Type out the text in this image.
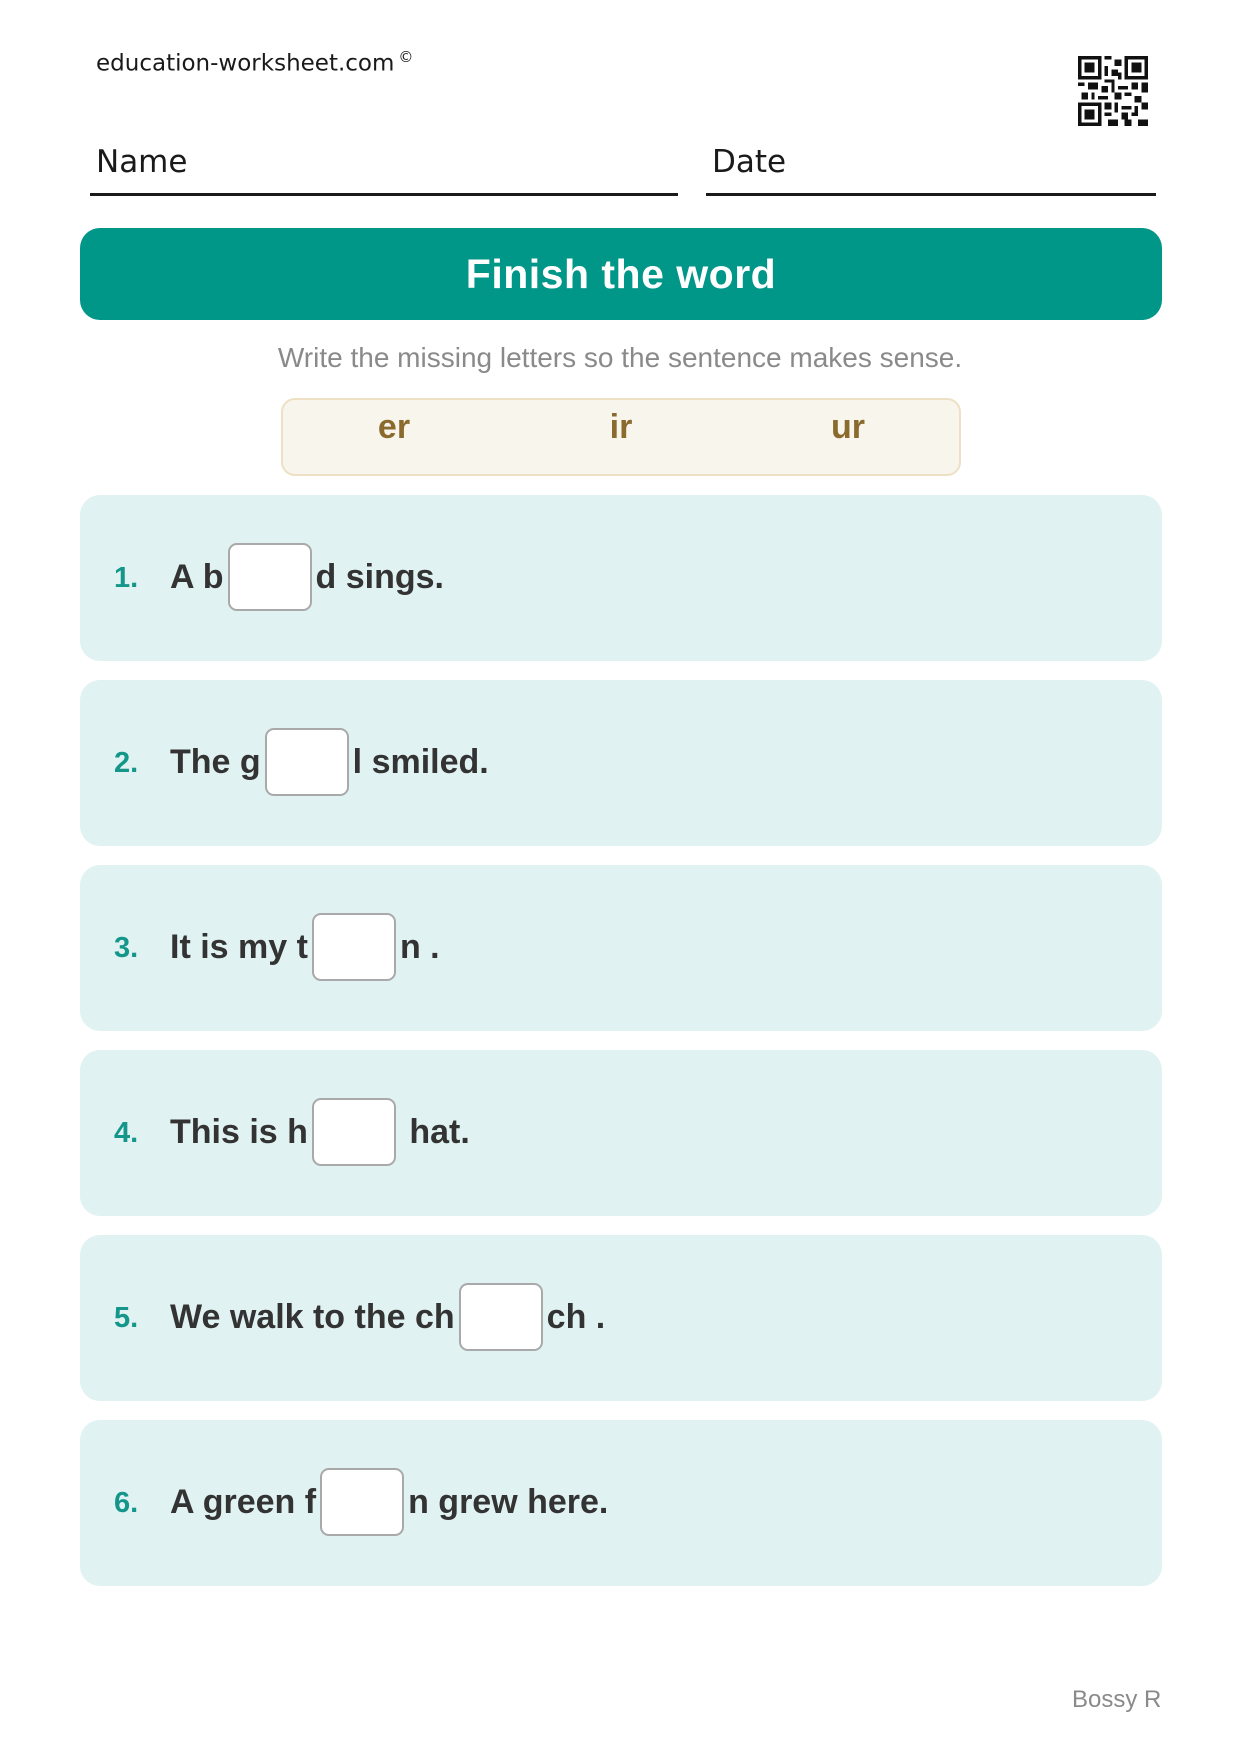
education-worksheet.com ©
Name	Date
Finish the word
Write the missing letters so the sentence makes sense.
er	ir	ur
1. A b	d sings.
2. The g	l smiled.
3. It is my t	n .
4. This is h	hat.
5. We walk to the ch	ch .
6. A green f	n grew here.
Bossy R
